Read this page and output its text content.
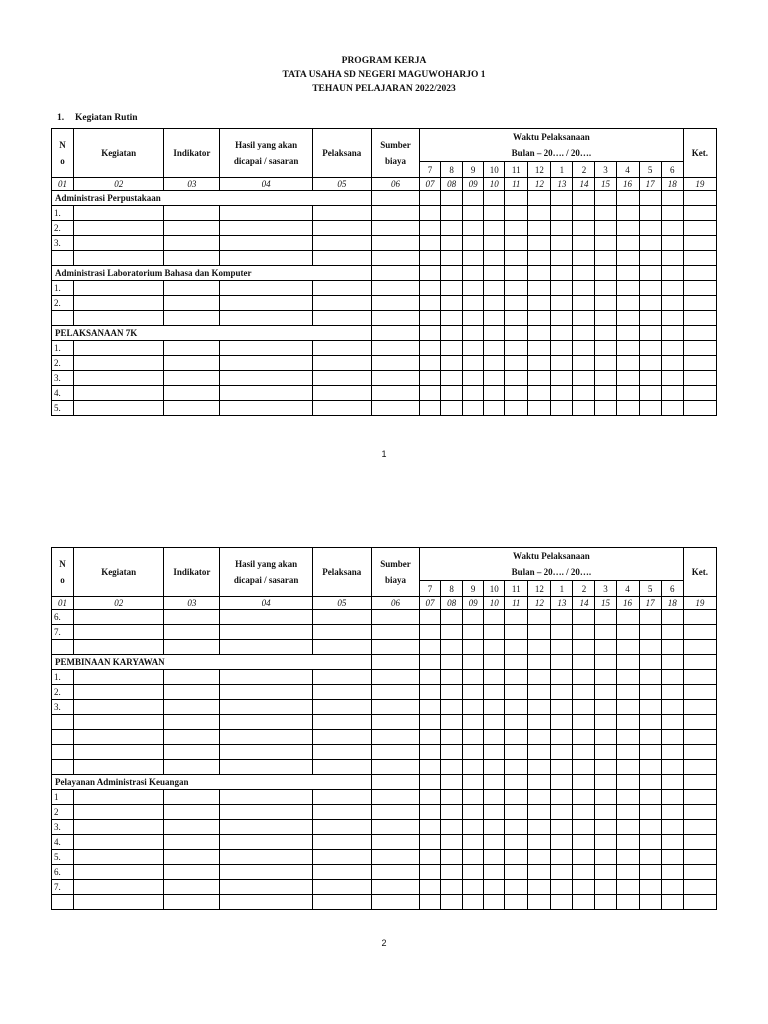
PROGRAM KERJA
TATA USAHA SD NEGERI MAGUWOHARJO 1
TEHAUN PELAJARAN 2022/2023
1. Kegiatan Rutin
N
o	Kegiatan	Indikator	Hasil yang akan
dicapai / sasaran	Pelaksana	Sumber
biaya	Waktu Pelaksanaan
Bulan – 20…. / 20….												Ket.
						7	8	9	10	11	12	1	2	3	4	5	6	
01	02	03	04	05	06	07	08	09	10	11	12	13	14	15	16	17	18	19
Administrasi Perpustakaan																		
1.																		
2.																		
3.																		

Administrasi Laboratorium Bahasa dan Komputer																		
1.																		
2.																		

PELAKSANAAN 7K																		
1.																		
2.																		
3.																		
4.																		
5.																		
1
N
o	Kegiatan	Indikator	Hasil yang akan
dicapai / sasaran	Pelaksana	Sumber
biaya	Waktu Pelaksanaan
Bulan – 20…. / 20….												Ket.
						7	8	9	10	11	12	1	2	3	4	5	6	
01	02	03	04	05	06	07	08	09	10	11	12	13	14	15	16	17	18	19
6.																		
7.																		

PEMBINAAN KARYAWAN																		
1.																		
2.																		
3.																		

Pelayanan Administrasi Keuangan																		
1																		
2																		
3.																		
4.																		
5.																		
6.																		
7.																		

2
